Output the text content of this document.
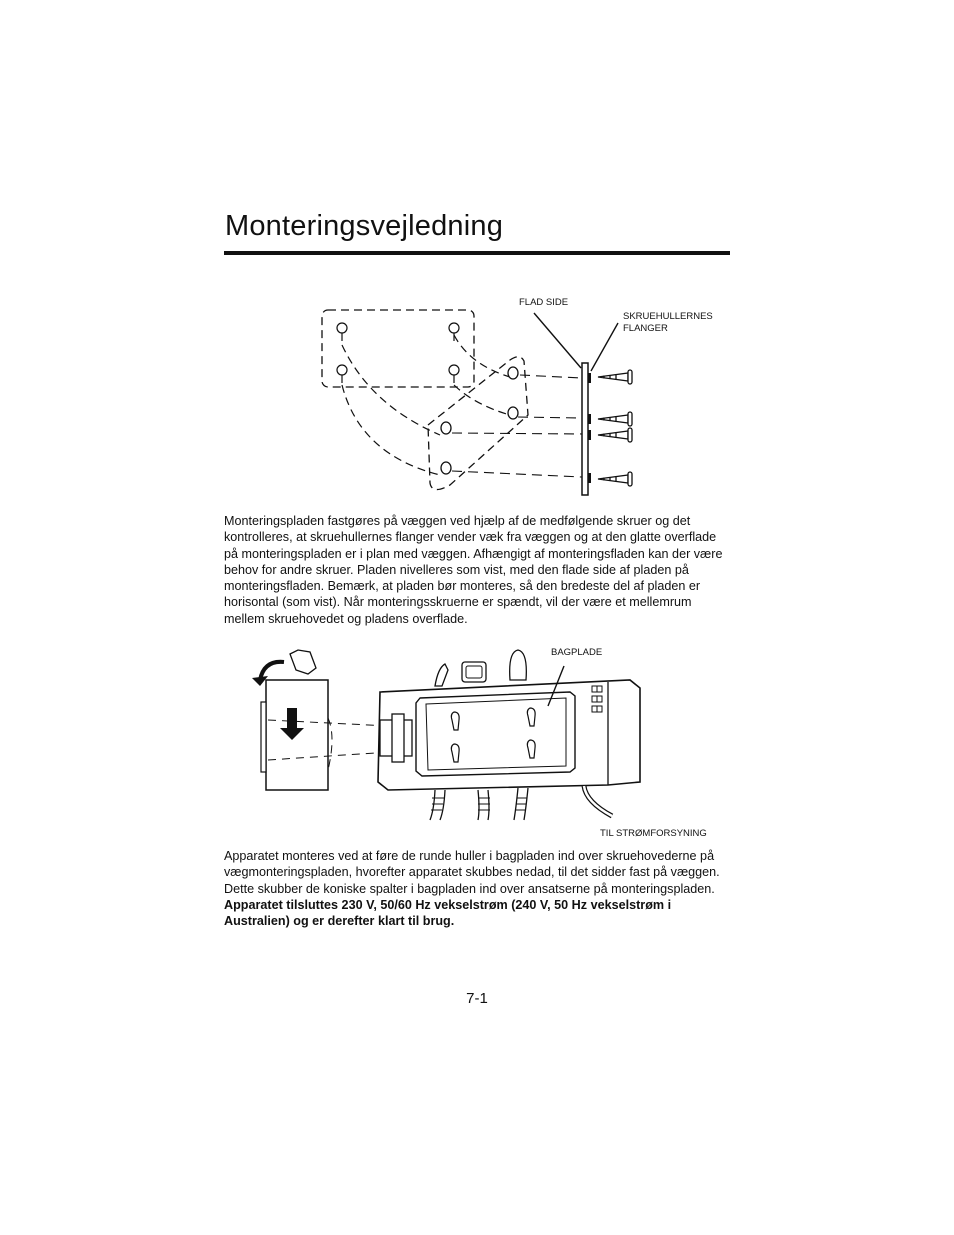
Monteringsvejledning
FLAD SIDE
SKRUEHULLERNES
FLANGER
Monteringspladen fastgøres på væggen ved hjælp af de medfølgende skruer og det kontrolleres, at skruehullernes flanger vender væk fra væggen og at den glatte overflade på monteringspladen er i plan med væggen. Afhængigt af monteringsfladen kan der være behov for andre skruer. Pladen nivelleres som vist, med den flade side af pladen på monteringsfladen. Bemærk, at pladen bør monteres, så den bredeste del af pladen er horisontal (som vist). Når monteringsskruerne er spændt, vil der være et mellemrum mellem skruehovedet og pladens overflade.
BAGPLADE
TIL STRØMFORSYNING
Apparatet monteres ved at føre de runde huller i bagpladen ind over skruehovederne på vægmonteringspladen, hvorefter apparatet skubbes nedad, til det sidder fast på væggen. Dette skubber de koniske spalter i bagpladen ind over ansatserne på monteringspladen. Apparatet tilsluttes 230 V, 50/60 Hz vekselstrøm (240 V, 50 Hz vekselstrøm i Australien) og er derefter klart til brug.
7-1
